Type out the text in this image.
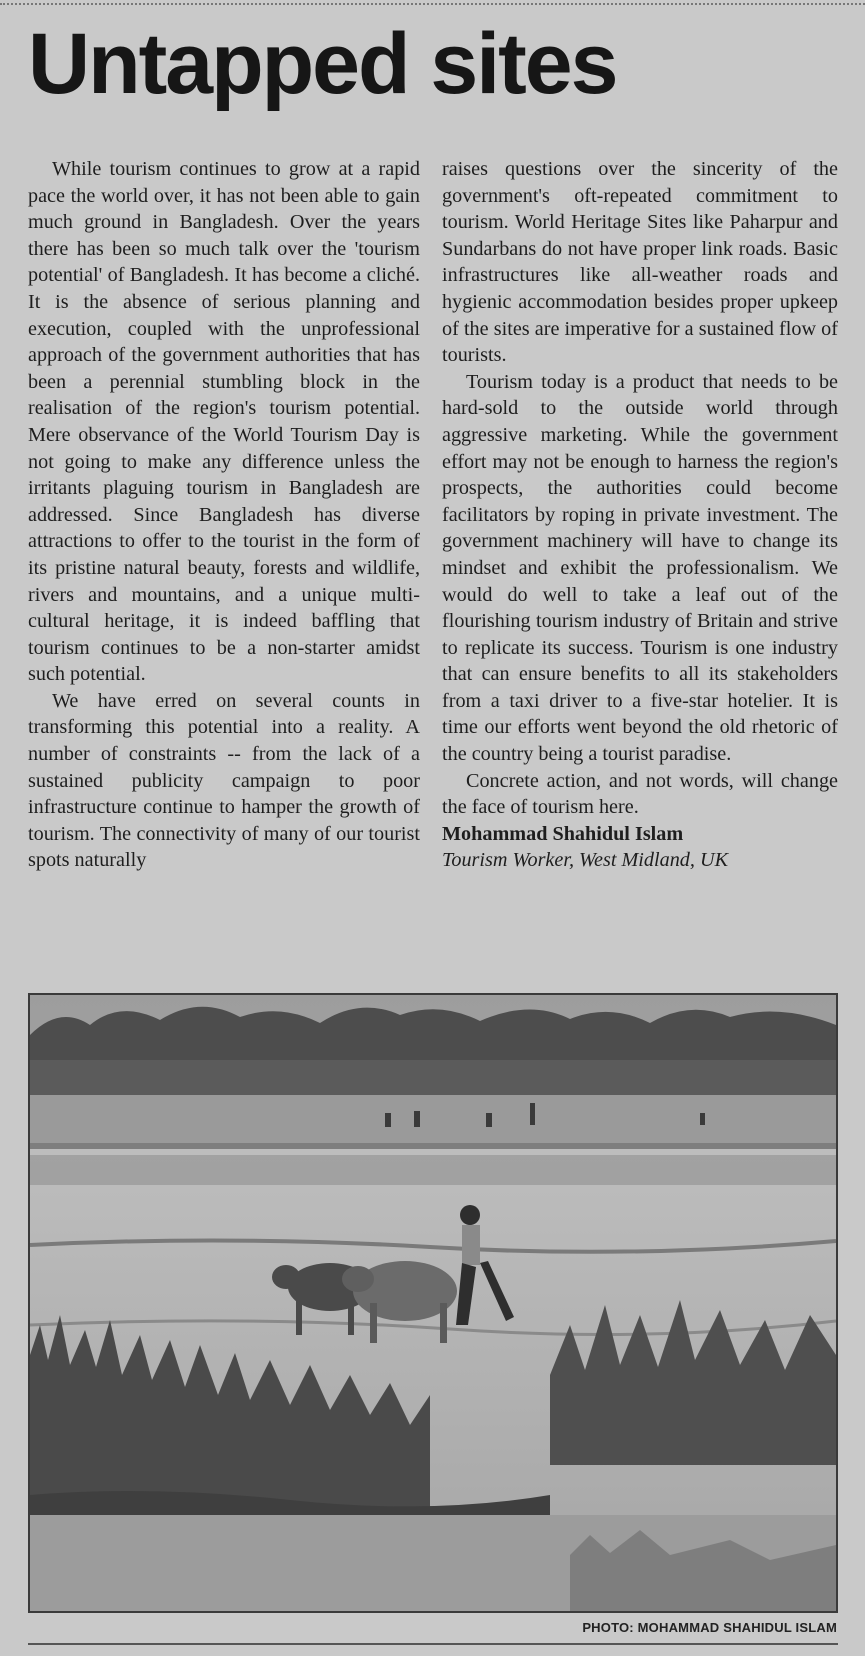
Untapped sites

While tourism continues to grow at a rapid pace the world over, it has not been able to gain much ground in Bangladesh. Over the years there has been so much talk over the 'tourism potential' of Bangladesh. It has become a cliché. It is the absence of serious planning and execution, coupled with the unprofessional approach of the government authorities that has been a perennial stumbling block in the realisation of the region's tourism potential. Mere observance of the World Tourism Day is not going to make any difference unless the irritants plaguing tourism in Bangladesh are addressed. Since Bangladesh has diverse attractions to offer to the tourist in the form of its pristine natural beauty, forests and wildlife, rivers and mountains, and a unique multi-cultural heritage, it is indeed baffling that tourism continues to be a non-starter amidst such potential.

We have erred on several counts in transforming this potential into a reality. A number of constraints -- from the lack of a sustained publicity campaign to poor infrastructure continue to hamper the growth of tourism. The connectivity of many of our tourist spots naturally

raises questions over the sincerity of the government's oft-repeated commitment to tourism. World Heritage Sites like Paharpur and Sundarbans do not have proper link roads. Basic infrastructures like all-weather roads and hygienic accommodation besides proper upkeep of the sites are imperative for a sustained flow of tourists.

Tourism today is a product that needs to be hard-sold to the outside world through aggressive marketing. While the government effort may not be enough to harness the region's prospects, the authorities could become facilitators by roping in private investment. The government machinery will have to change its mindset and exhibit the professionalism. We would do well to take a leaf out of the flourishing tourism industry of Britain and strive to replicate its success. Tourism is one industry that can ensure benefits to all its stakeholders from a taxi driver to a five-star hotelier. It is time our efforts went beyond the old rhetoric of the country being a tourist paradise.

Concrete action, and not words, will change the face of tourism here.

Mohammad Shahidul Islam

Tourism Worker, West Midland, UK

PHOTO: MOHAMMAD SHAHIDUL ISLAM
